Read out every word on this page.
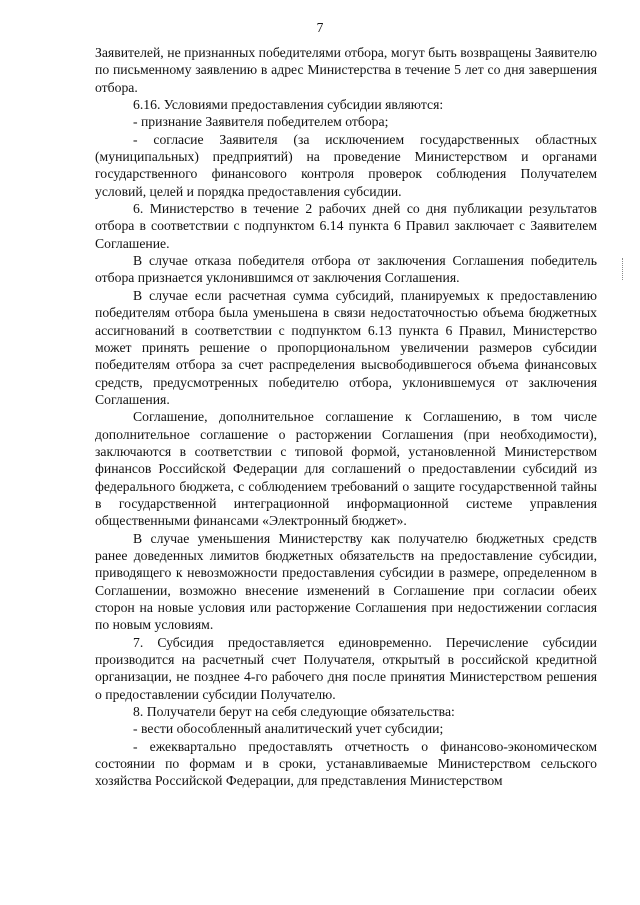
7

Заявителей, не признанных победителями отбора, могут быть возвращены Заявителю по письменному заявлению в адрес Министерства в течение 5 лет со дня завершения отбора.

6.16. Условиями предоставления субсидии являются:

- признание Заявителя победителем отбора;

- согласие Заявителя (за исключением государственных областных (муниципальных) предприятий) на проведение Министерством и органами государственного финансового контроля проверок соблюдения Получателем условий, целей и порядка предоставления субсидии.

6. Министерство в течение 2 рабочих дней со дня публикации результатов отбора в соответствии с подпунктом 6.14 пункта 6 Правил заключает с Заявителем Соглашение.

В случае отказа победителя отбора от заключения Соглашения победитель отбора признается уклонившимся от заключения Соглашения.

В случае если расчетная сумма субсидий, планируемых к предоставлению победителям отбора была уменьшена в связи недостаточностью объема бюджетных ассигнований в соответствии с подпунктом 6.13 пункта 6 Правил, Министерство может принять решение о пропорциональном увеличении размеров субсидии победителям отбора за счет распределения высвободившегося объема финансовых средств, предусмотренных победителю отбора, уклонившемуся от заключения Соглашения.

Соглашение, дополнительное соглашение к Соглашению, в том числе дополнительное соглашение о расторжении Соглашения (при необходимости), заключаются в соответствии с типовой формой, установленной Министерством финансов Российской Федерации для соглашений о предоставлении субсидий из федерального бюджета, с соблюдением требований о защите государственной тайны в государственной интеграционной информационной системе управления общественными финансами «Электронный бюджет».

В случае уменьшения Министерству как получателю бюджетных средств ранее доведенных лимитов бюджетных обязательств на предоставление субсидии, приводящего к невозможности предоставления субсидии в размере, определенном в Соглашении, возможно внесение изменений в Соглашение при согласии обеих сторон на новые условия или расторжение Соглашения при недостижении согласия по новым условиям.

7. Субсидия предоставляется единовременно. Перечисление субсидии производится на расчетный счет Получателя, открытый в российской кредитной организации, не позднее 4-го рабочего дня после принятия Министерством решения о предоставлении субсидии Получателю.

8. Получатели берут на себя следующие обязательства:

- вести обособленный аналитический учет субсидии;

- ежеквартально предоставлять отчетность о финансово-экономическом состоянии по формам и в сроки, устанавливаемые Министерством сельского хозяйства Российской Федерации, для представления Министерством
